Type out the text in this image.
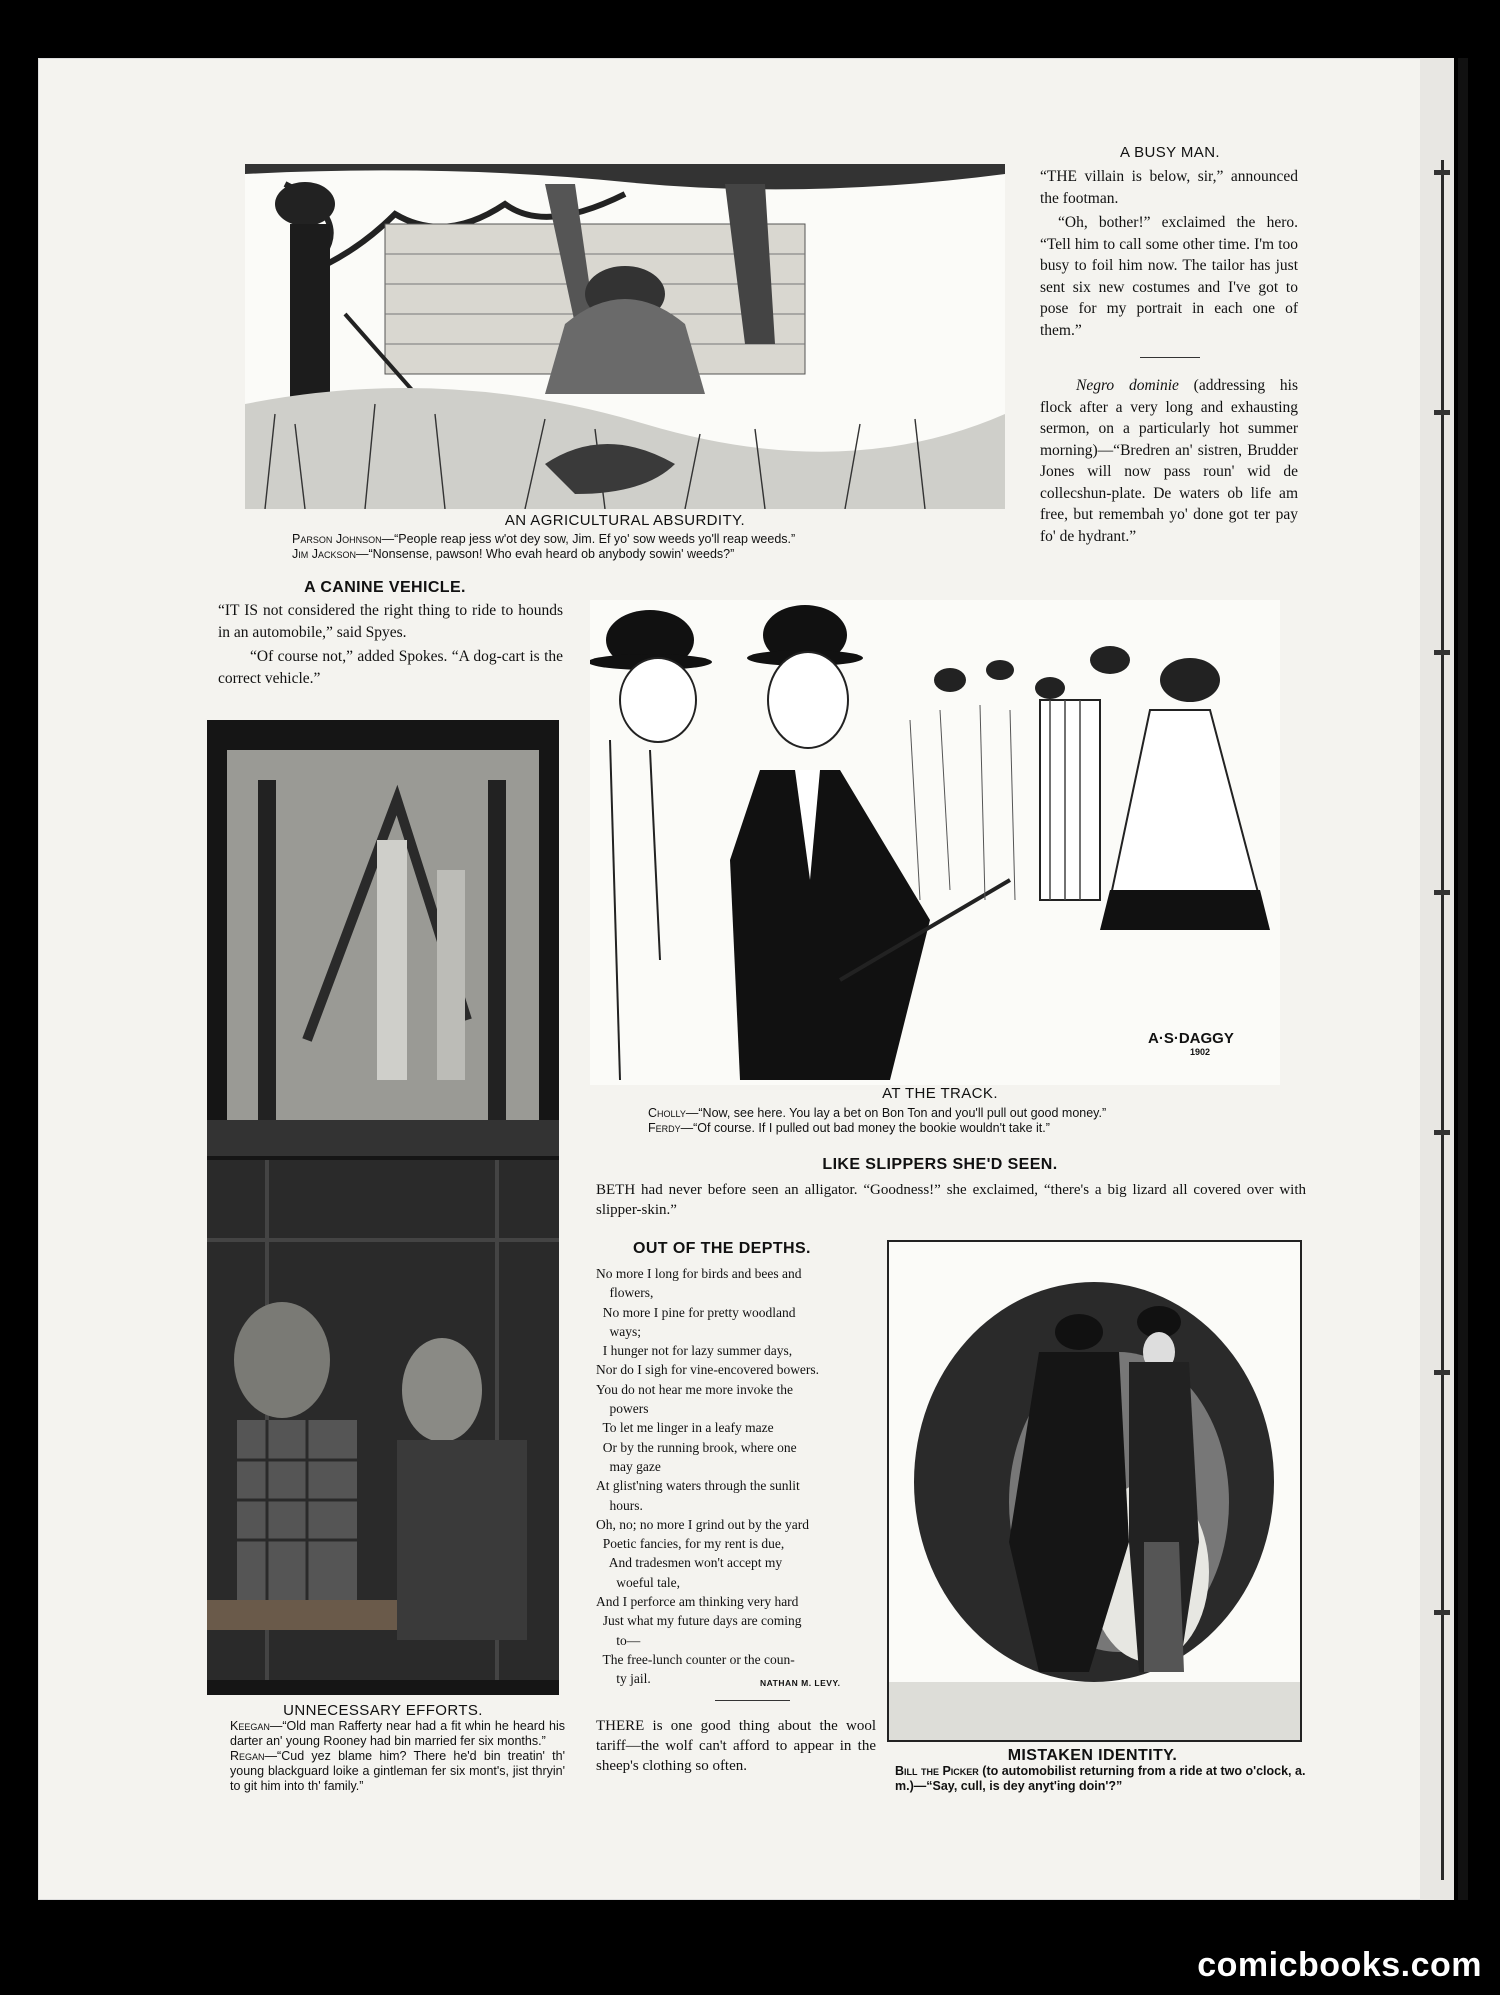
AN AGRICULTURAL ABSURDITY.
Parson Johnson—“People reap jess w'ot dey sow, Jim. Ef yo' sow weeds yo'll reap weeds.”
Jim Jackson—“Nonsense, pawson! Who evah heard ob anybody sowin' weeds?”
A BUSY MAN.

“THE villain is below, sir,” announced the footman.

“Oh, bother!” exclaimed the hero. “Tell him to call some other time. I'm too busy to foil him now. The tailor has just sent six new costumes and I've got to pose for my portrait in each one of them.”

Negro dominie (addressing his flock after a very long and exhausting sermon, on a particularly hot summer morning)—“Bredren an' sistren, Brudder Jones will now pass roun' wid de collecshun-plate. De waters ob life am free, but remembah yo' done got ter pay fo' de hydrant.”
A CANINE VEHICLE.

“IT IS not considered the right thing to ride to hounds in an automobile,” said Spyes.

“Of course not,” added Spokes. “A dog-cart is the correct vehicle.”

UNNECESSARY EFFORTS.
Keegan—“Old man Rafferty near had a fit whin he heard his darter an' young Rooney had bin married fer six months.”
Regan—“Cud yez blame him? There he'd bin treatin' th' young blackguard loike a gintleman fer six mont's, jist thryin' to git him into th' family.”
A·S·DAGGY
1902
AT THE TRACK.
Cholly—“Now, see here. You lay a bet on Bon Ton and you'll pull out good money.”
Ferdy—“Of course. If I pulled out bad money the bookie wouldn't take it.”
LIKE SLIPPERS SHE'D SEEN.
BETH had never before seen an alligator. “Goodness!” she exclaimed, “there's a big lizard all covered over with slipper-skin.”
OUT OF THE DEPTHS.
No more I long for birds and bees and
flowers,
No more I pine for pretty woodland
ways;
I hunger not for lazy summer days,
Nor do I sigh for vine-encovered bowers.
You do not hear me more invoke the
powers
To let me linger in a leafy maze
Or by the running brook, where one
may gaze
At glist'ning waters through the sunlit
hours.
Oh, no; no more I grind out by the yard
Poetic fancies, for my rent is due,
And tradesmen won't accept my
woeful tale,
And I perforce am thinking very hard
Just what my future days are coming
to—
The free-lunch counter or the coun-
ty jail.	NATHAN M. LEVY.
THERE is one good thing about the wool tariff—the wolf can't afford to appear in the sheep's clothing so often.
MISTAKEN IDENTITY.
Bill the Picker (to automobilist returning from a ride at two o'clock, a. m.)—“Say, cull, is dey anyt'ing doin'?”
comicbooks.com
